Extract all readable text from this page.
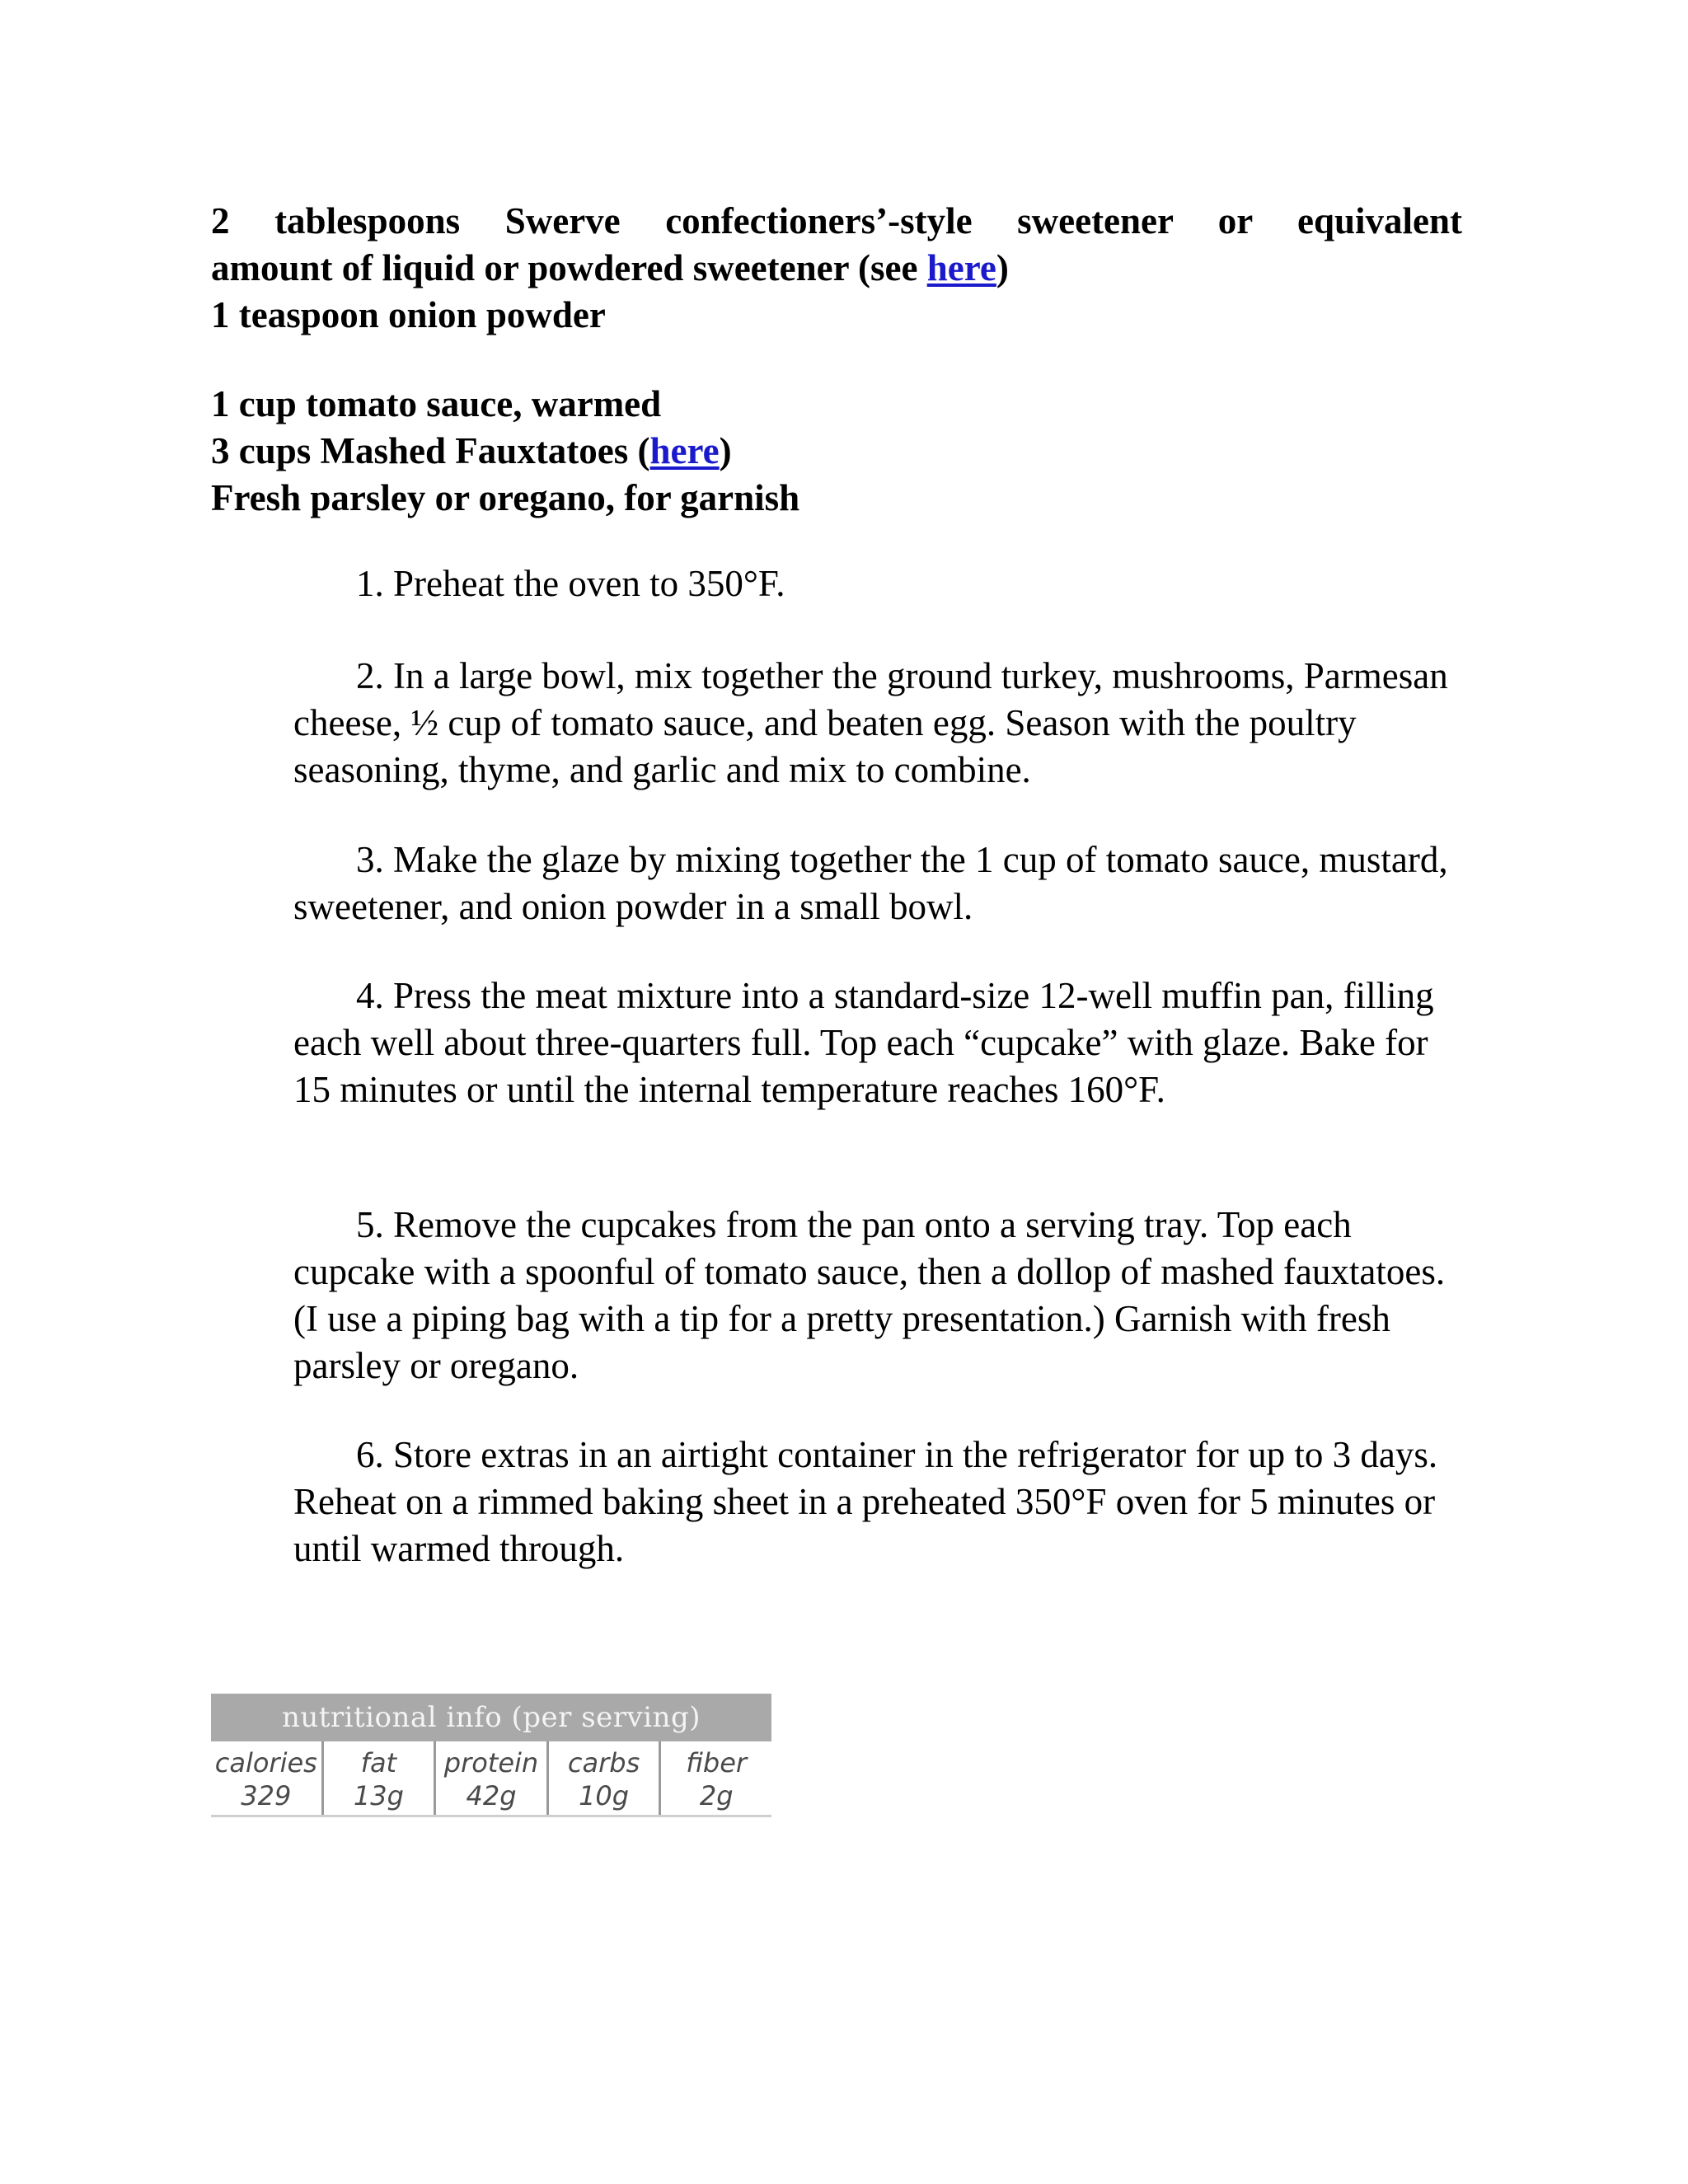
2 tablespoons Swerve confectioners’-style sweetener or equivalent
amount of liquid or powdered sweetener (see here)
1 teaspoon onion powder
1 cup tomato sauce, warmed
3 cups Mashed Fauxtatoes (here)
Fresh parsley or oregano, for garnish

1. Preheat the oven to 350°F.

2. In a large bowl, mix together the ground turkey, mushrooms, Parmesan cheese, ½ cup of tomato sauce, and beaten egg. Season with the poultry seasoning, thyme, and garlic and mix to combine.

3. Make the glaze by mixing together the 1 cup of tomato sauce, mustard, sweetener, and onion powder in a small bowl.

4. Press the meat mixture into a standard-size 12-well muffin pan, filling each well about three-quarters full. Top each “cupcake” with glaze. Bake for 15 minutes or until the internal temperature reaches 160°F.

5. Remove the cupcakes from the pan onto a serving tray. Top each cupcake with a spoonful of tomato sauce, then a dollop of mashed fauxtatoes. (I use a piping bag with a tip for a pretty presentation.) Garnish with fresh parsley or oregano.

6. Store extras in an airtight container in the refrigerator for up to 3 days. Reheat on a rimmed baking sheet in a preheated 350°F oven for 5 minutes or until warmed through.

nutritional info (per serving)
calories
329
fat
13g
protein
42g
carbs
10g
fiber
2g
